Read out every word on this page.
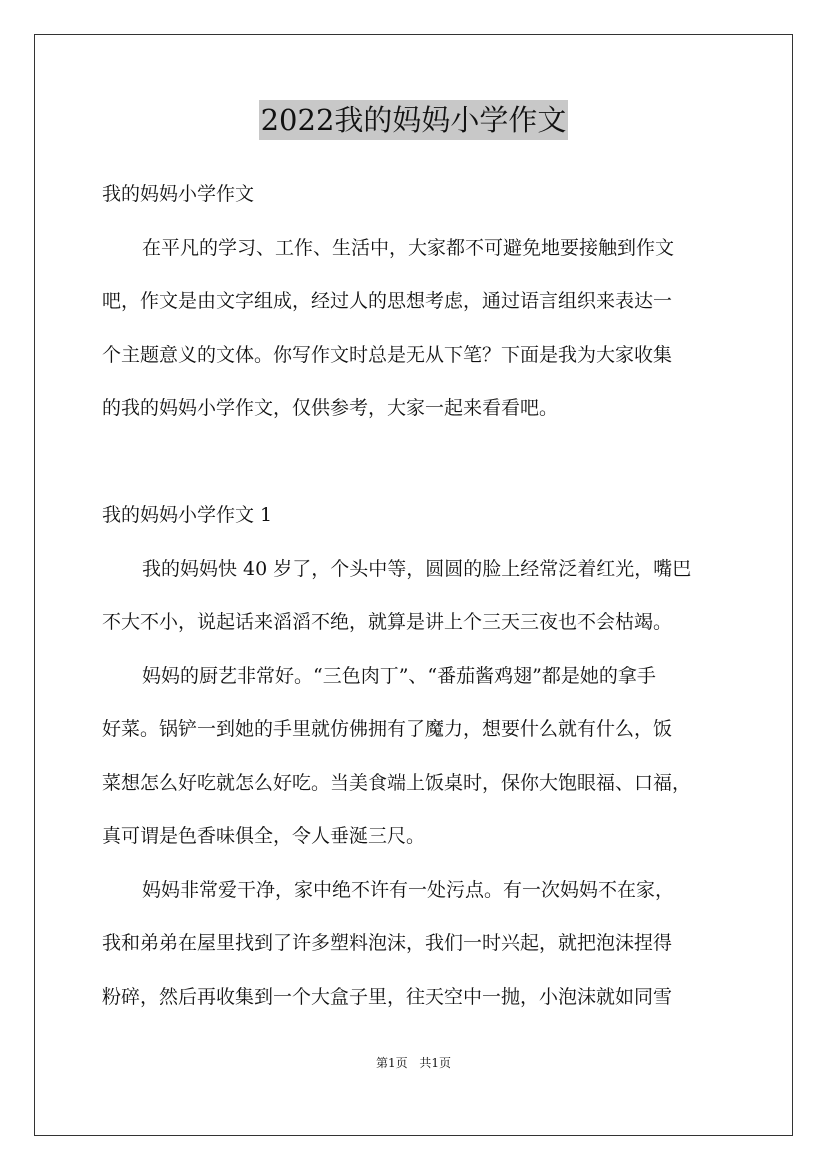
2022我的妈妈小学作文
我的妈妈小学作文
在平凡的学习、工作、生活中，大家都不可避免地要接触到作文
吧，作文是由文字组成，经过人的思想考虑，通过语言组织来表达一
个主题意义的文体。你写作文时总是无从下笔？下面是我为大家收集
的我的妈妈小学作文，仅供参考，大家一起来看看吧。
我的妈妈小学作文 1
我的妈妈快 40 岁了，个头中等，圆圆的脸上经常泛着红光，嘴巴
不大不小，说起话来滔滔不绝，就算是讲上个三天三夜也不会枯竭。
妈妈的厨艺非常好。“三色肉丁”、“番茄酱鸡翅”都是她的拿手
好菜。锅铲一到她的手里就仿佛拥有了魔力，想要什么就有什么，饭
菜想怎么好吃就怎么好吃。当美食端上饭桌时，保你大饱眼福、口福，
真可谓是色香味俱全，令人垂涎三尺。
妈妈非常爱干净，家中绝不许有一处污点。有一次妈妈不在家，
我和弟弟在屋里找到了许多塑料泡沫，我们一时兴起，就把泡沫捏得
粉碎，然后再收集到一个大盒子里，往天空中一抛，小泡沫就如同雪
第1页 共1页
